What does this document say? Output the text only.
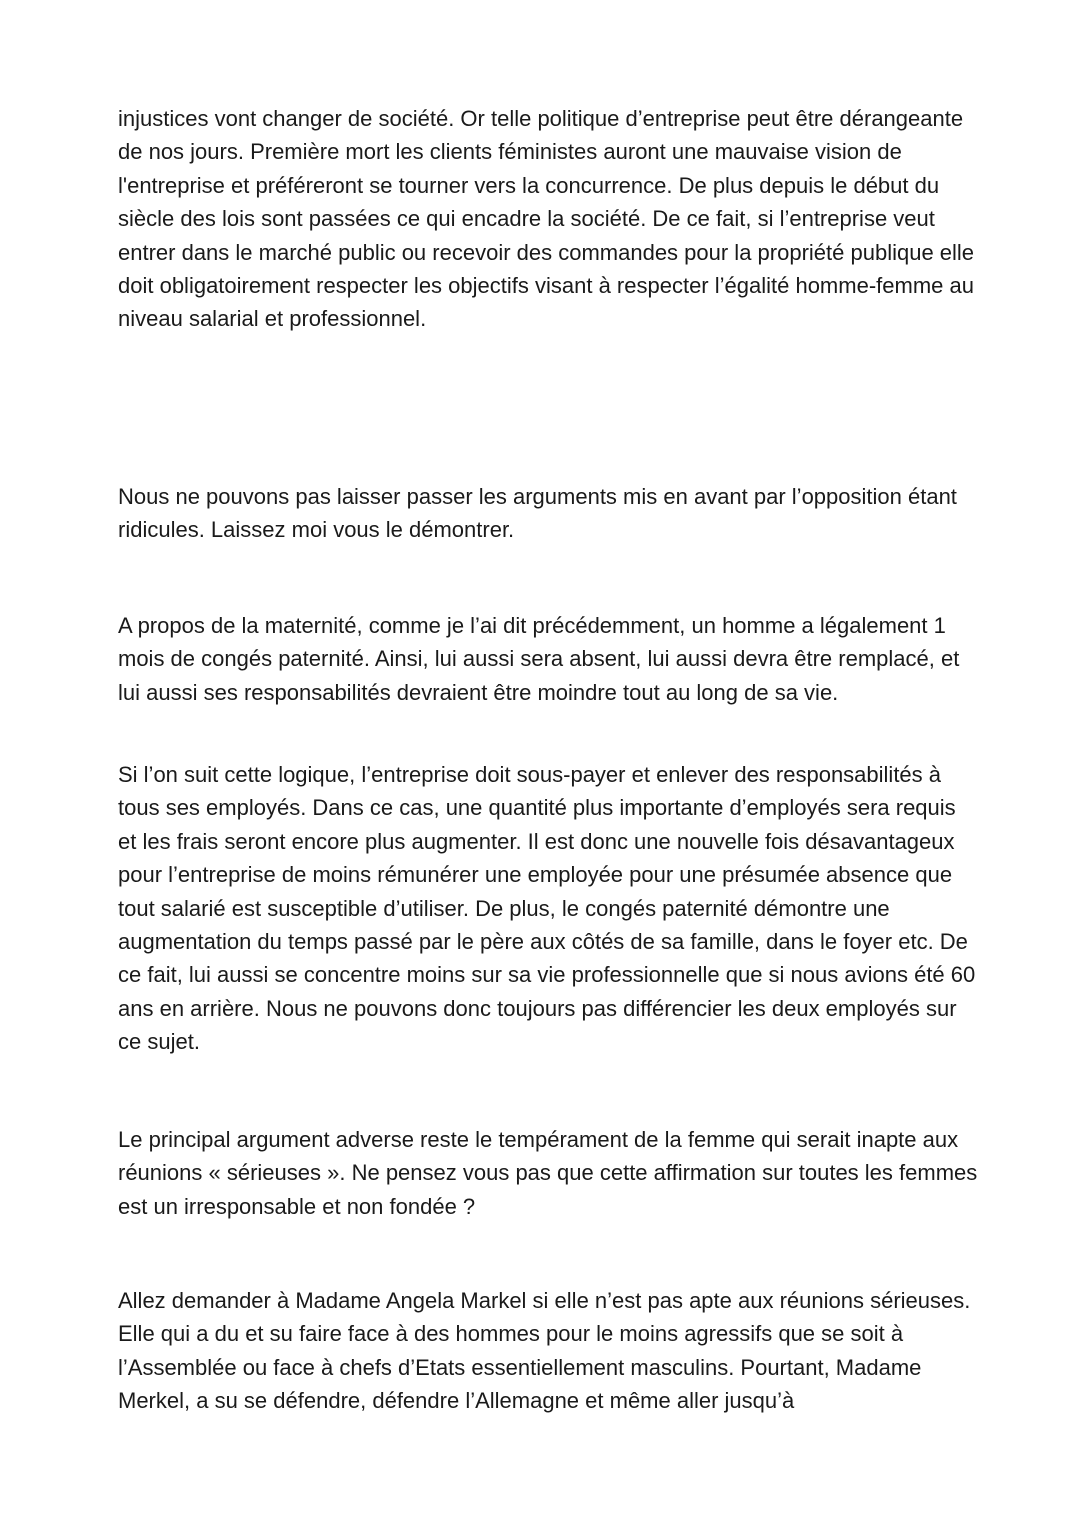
injustices vont changer de société. Or telle politique d’entreprise peut être dérangeante de nos jours. Première mort les clients féministes auront une mauvaise vision de l'entreprise et préféreront se tourner vers la concurrence. De plus depuis le début du siècle des lois sont passées ce qui encadre la société. De ce fait, si l’entreprise veut entrer dans le marché public ou recevoir des commandes pour la propriété publique elle doit obligatoirement respecter les objectifs visant à respecter l’égalité homme-femme au niveau salarial et professionnel.

Nous ne pouvons pas laisser passer les arguments mis en avant par l’opposition étant ridicules. Laissez moi vous le démontrer.

A propos de la maternité, comme je l’ai dit précédemment, un homme a légalement 1 mois de congés paternité. Ainsi, lui aussi sera absent, lui aussi devra être remplacé, et lui aussi ses responsabilités devraient être moindre tout au long de sa vie.

Si l’on suit cette logique, l’entreprise doit sous-payer et enlever des responsabilités à tous ses employés. Dans ce cas, une quantité plus importante d’employés sera requis et les frais seront encore plus augmenter. Il est donc une nouvelle fois désavantageux pour l’entreprise de moins rémunérer une employée pour une présumée absence que tout salarié est susceptible d’utiliser. De plus, le congés paternité démontre une augmentation du temps passé par le père aux côtés de sa famille, dans le foyer etc. De ce fait, lui aussi se concentre moins sur sa vie professionnelle que si nous avions été 60 ans en arrière. Nous ne pouvons donc toujours pas différencier les deux employés sur ce sujet.

Le principal argument adverse reste le tempérament de la femme qui serait inapte aux réunions « sérieuses ». Ne pensez vous pas que cette affirmation sur toutes les femmes est un irresponsable et non fondée ?

Allez demander à Madame Angela Markel si elle n’est pas apte aux réunions sérieuses. Elle qui a du et su faire face à des hommes pour le moins agressifs que se soit à l’Assemblée ou face à chefs d’Etats essentiellement masculins. Pourtant, Madame Merkel, a su se défendre, défendre l’Allemagne et même aller jusqu’à
